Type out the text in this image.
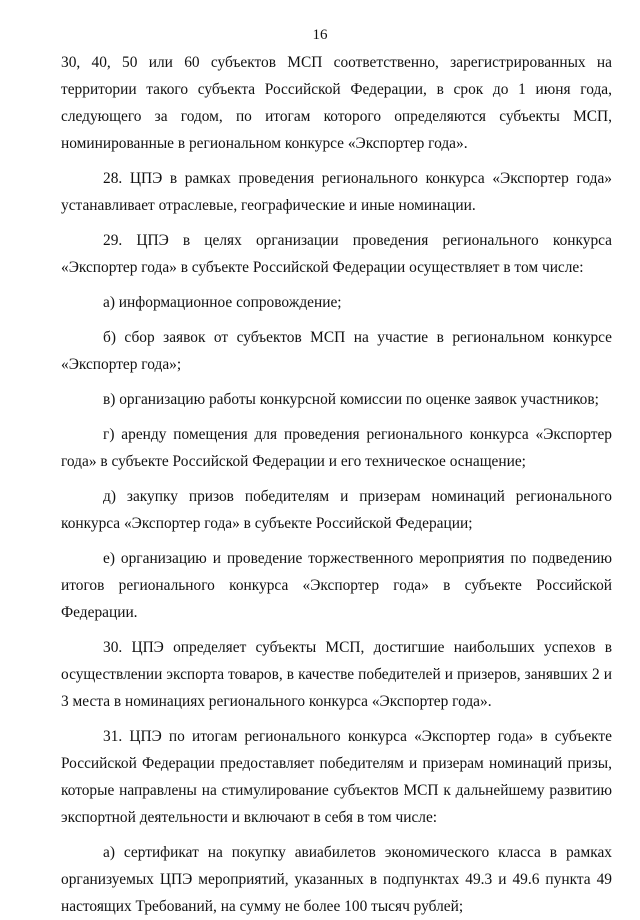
16

30, 40, 50 или 60 субъектов МСП соответственно, зарегистрированных на территории такого субъекта Российской Федерации, в срок до 1 июня года, следующего за годом, по итогам которого определяются субъекты МСП, номинированные в региональном конкурсе «Экспортер года».

28. ЦПЭ в рамках проведения регионального конкурса «Экспортер года» устанавливает отраслевые, географические и иные номинации.

29. ЦПЭ в целях организации проведения регионального конкурса «Экспортер года» в субъекте Российской Федерации осуществляет в том числе:

а) информационное сопровождение;

б) сбор заявок от субъектов МСП на участие в региональном конкурсе «Экспортер года»;

в) организацию работы конкурсной комиссии по оценке заявок участников;

г) аренду помещения для проведения регионального конкурса «Экспортер года» в субъекте Российской Федерации и его техническое оснащение;

д) закупку призов победителям и призерам номинаций регионального конкурса «Экспортер года» в субъекте Российской Федерации;

е) организацию и проведение торжественного мероприятия по подведению итогов регионального конкурса «Экспортер года» в субъекте Российской Федерации.

30. ЦПЭ определяет субъекты МСП, достигшие наибольших успехов в осуществлении экспорта товаров, в качестве победителей и призеров, занявших 2 и 3 места в номинациях регионального конкурса «Экспортер года».

31. ЦПЭ по итогам регионального конкурса «Экспортер года» в субъекте Российской Федерации предоставляет победителям и призерам номинаций призы, которые направлены на стимулирование субъектов МСП к дальнейшему развитию экспортной деятельности и включают в себя в том числе:

а) сертификат на покупку авиабилетов экономического класса в рамках организуемых ЦПЭ мероприятий, указанных в подпунктах 49.3 и 49.6 пункта 49 настоящих Требований, на сумму не более 100 тысяч рублей;
